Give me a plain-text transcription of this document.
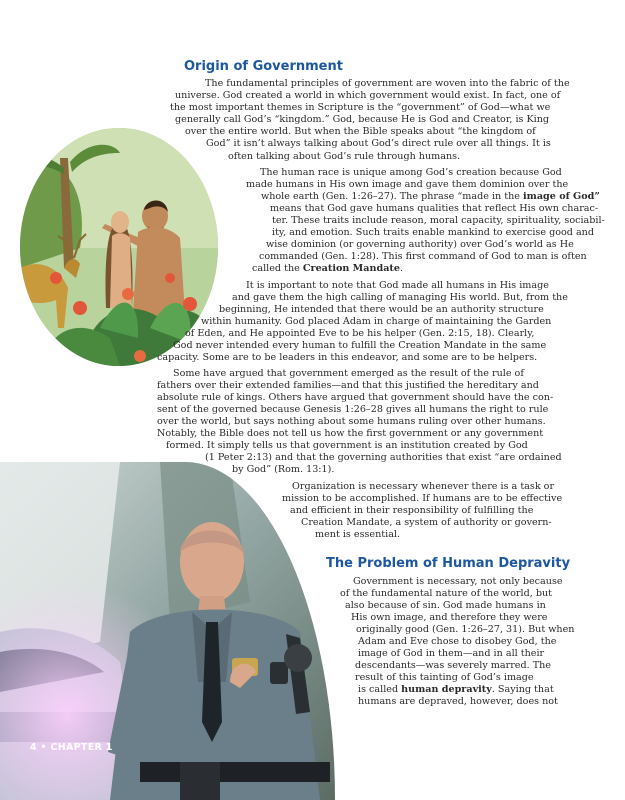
Origin of Government
The Problem of Human Depravity

The fundamental principles of government are woven into the fabric of the

universe. God created a world in which government would exist. In fact, one of

the most important themes in Scripture is the “government” of God—what we

generally call God’s “kingdom.” God, because He is God and Creator, is King

over the entire world. But when the Bible speaks about “the kingdom of

God” it isn’t always talking about God’s direct rule over all things. It is

often talking about God’s rule through humans.

The human race is unique among God’s creation because God

made humans in His own image and gave them dominion over the

whole earth (Gen. 1:26–27). The phrase “made in the image of God”

means that God gave humans qualities that reflect His own charac-

ter. These traits include reason, moral capacity, spirituality, sociabil-

ity, and emotion. Such traits enable mankind to exercise good and

wise dominion (or governing authority) over God’s world as He

commanded (Gen. 1:28). This first command of God to man is often

called the Creation Mandate.

It is important to note that God made all humans in His image

and gave them the high calling of managing His world. But, from the

beginning, He intended that there would be an authority structure

within humanity. God placed Adam in charge of maintaining the Garden

of Eden, and He appointed Eve to be his helper (Gen. 2:15, 18). Clearly,

God never intended every human to fulfill the Creation Mandate in the same

capacity. Some are to be leaders in this endeavor, and some are to be helpers.

Some have argued that government emerged as the result of the rule of

fathers over their extended families—and that this justified the hereditary and

absolute rule of kings. Others have argued that government should have the con-

sent of the governed because Genesis 1:26–28 gives all humans the right to rule

over the world, but says nothing about some humans ruling over other humans.

Notably, the Bible does not tell us how the first government or any government

formed. It simply tells us that government is an institution created by God

(1 Peter 2:13) and that the governing authorities that exist “are ordained

by God” (Rom. 13:1).

Organization is necessary whenever there is a task or

mission to be accomplished. If humans are to be effective

and efficient in their responsibility of fulfilling the

Creation Mandate, a system of authority or govern-

ment is essential.

Government is necessary, not only because

of the fundamental nature of the world, but

also because of sin. God made humans in

His own image, and therefore they were

originally good (Gen. 1:26–27, 31). But when

Adam and Eve chose to disobey God, the

image of God in them—and in all their

descendants—was severely marred. The

result of this tainting of God’s image

is called human depravity. Saying that

humans are depraved, however, does not

4 • CHAPTER 1
